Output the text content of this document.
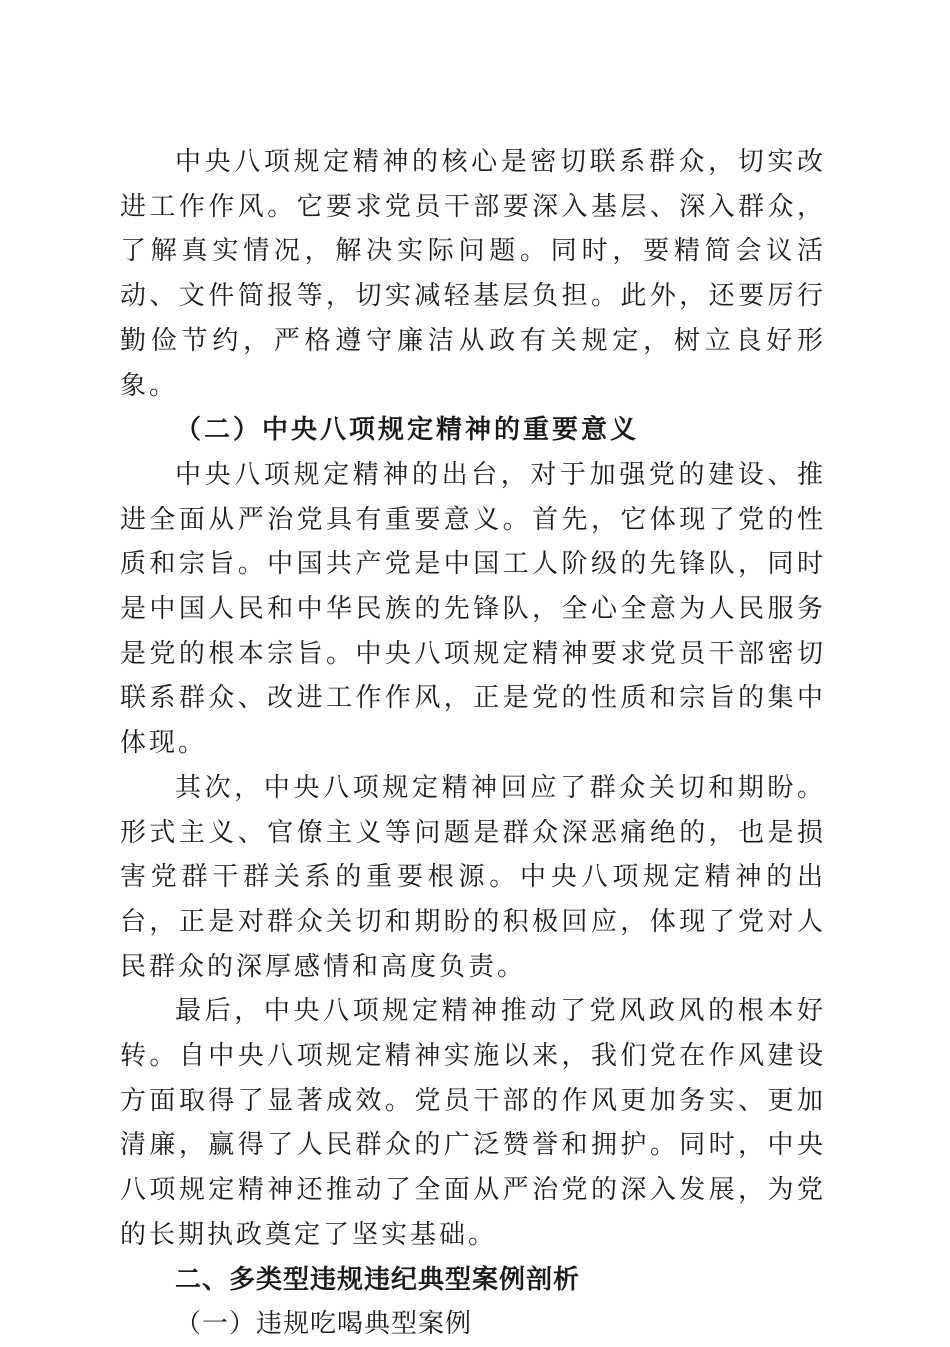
中央八项规定精神的核心是密切联系群众，切实改进工作作风。它要求党员干部要深入基层、深入群众，了解真实情况，解决实际问题。同时，要精简会议活动、文件简报等，切实减轻基层负担。此外，还要厉行勤俭节约，严格遵守廉洁从政有关规定，树立良好形象。

（二）中央八项规定精神的重要意义

中央八项规定精神的出台，对于加强党的建设、推进全面从严治党具有重要意义。首先，它体现了党的性质和宗旨。中国共产党是中国工人阶级的先锋队，同时是中国人民和中华民族的先锋队，全心全意为人民服务是党的根本宗旨。中央八项规定精神要求党员干部密切联系群众、改进工作作风，正是党的性质和宗旨的集中体现。

其次，中央八项规定精神回应了群众关切和期盼。形式主义、官僚主义等问题是群众深恶痛绝的，也是损害党群干群关系的重要根源。中央八项规定精神的出台，正是对群众关切和期盼的积极回应，体现了党对人民群众的深厚感情和高度负责。

最后，中央八项规定精神推动了党风政风的根本好转。自中央八项规定精神实施以来，我们党在作风建设方面取得了显著成效。党员干部的作风更加务实、更加清廉，赢得了人民群众的广泛赞誉和拥护。同时，中央八项规定精神还推动了全面从严治党的深入发展，为党的长期执政奠定了坚实基础。

二、多类型违规违纪典型案例剖析

（一）违规吃喝典型案例
